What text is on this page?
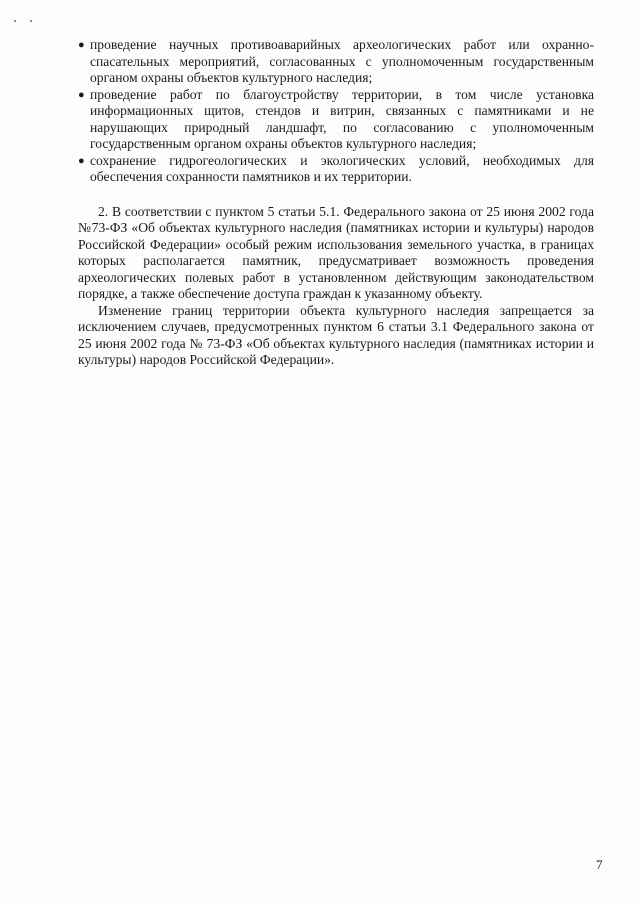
● проведение научных противоаварийных археологических работ или охранно-спасательных мероприятий, согласованных с уполномоченным государственным органом охраны объектов культурного наследия;
● проведение работ по благоустройству территории, в том числе установка информационных щитов, стендов и витрин, связанных с памятниками и не нарушающих природный ландшафт, по согласованию с уполномоченным государственным органом охраны объектов культурного наследия;
● сохранение гидрогеологических и экологических условий, необходимых для обеспечения сохранности памятников и их территории.

2. В соответствии с пунктом 5 статьи 5.1. Федерального закона от 25 июня 2002 года №73-ФЗ «Об объектах культурного наследия (памятниках истории и культуры) народов Российской Федерации» особый режим использования земельного участка, в границах которых располагается памятник, предусматривает возможность проведения археологических полевых работ в установленном действующим законодательством порядке, а также обеспечение доступа граждан к указанному объекту.

Изменение границ территории объекта культурного наследия запрещается за исключением случаев, предусмотренных пунктом 6 статьи 3.1 Федерального закона от 25 июня 2002 года № 73-ФЗ «Об объектах культурного наследия (памятниках истории и культуры) народов Российской Федерации».

7
